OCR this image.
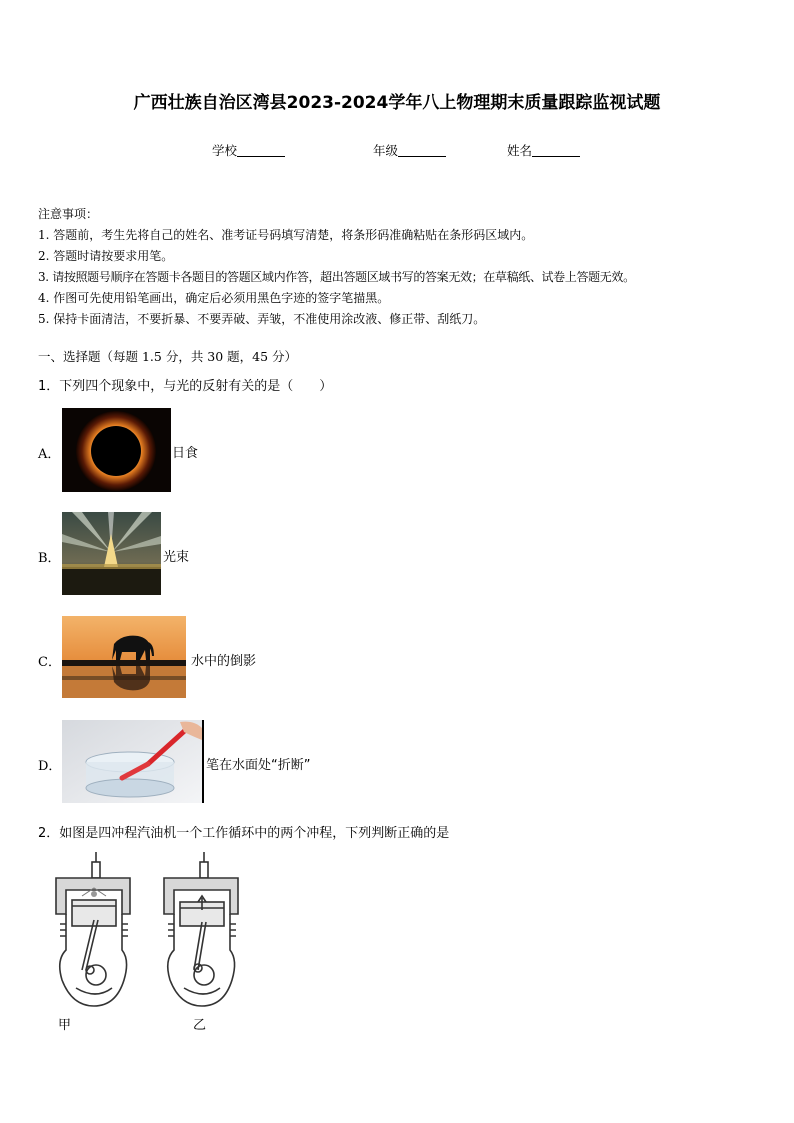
广西壮族自治区湾县2023-2024学年八上物理期末质量跟踪监视试题
学校	年级	姓名
注意事项：
1. 答题前，考生先将自己的姓名、准考证号码填写清楚，将条形码准确粘贴在条形码区域内。
2. 答题时请按要求用笔。
3. 请按照题号顺序在答题卡各题目的答题区域内作答，超出答题区域书写的答案无效；在草稿纸、试卷上答题无效。
4. 作图可先使用铅笔画出，确定后必须用黑色字迹的签字笔描黑。
5. 保持卡面清洁，不要折暴、不要弄破、弄皱，不准使用涂改液、修正带、刮纸刀。
一、选择题（每题 1.5 分，共 30 题，45 分）
1．下列四个现象中，与光的反射有关的是（　　）
A．	日食
B．	光束
C．	水中的倒影
D．	笔在水面处“折断”
2．如图是四冲程汽油机一个工作循环中的两个冲程，下列判断正确的是
甲	乙
